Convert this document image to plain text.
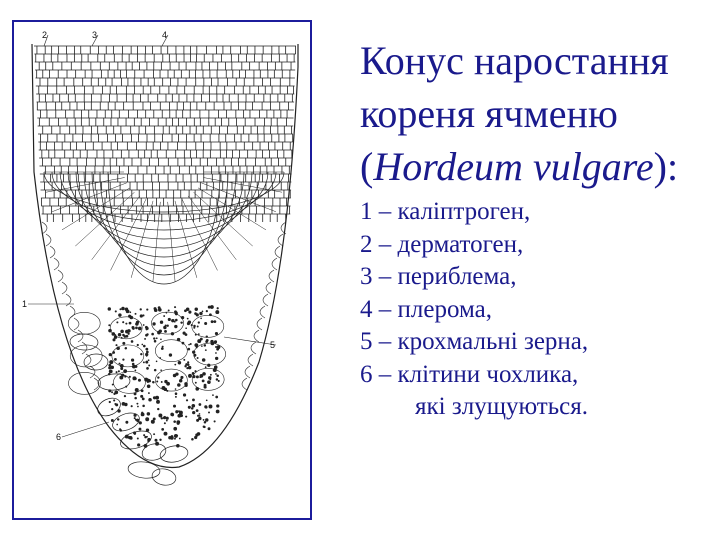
1
2	3	4
5
6
Конус наростання
кореня ячменю
(Hordeum vulgare):
1 – каліптроген,
2 – дерматоген,
3 – периблема,
4 – плерома,
5 – крохмальні зерна,
6 – клітини чохлика,
які злущуються.
